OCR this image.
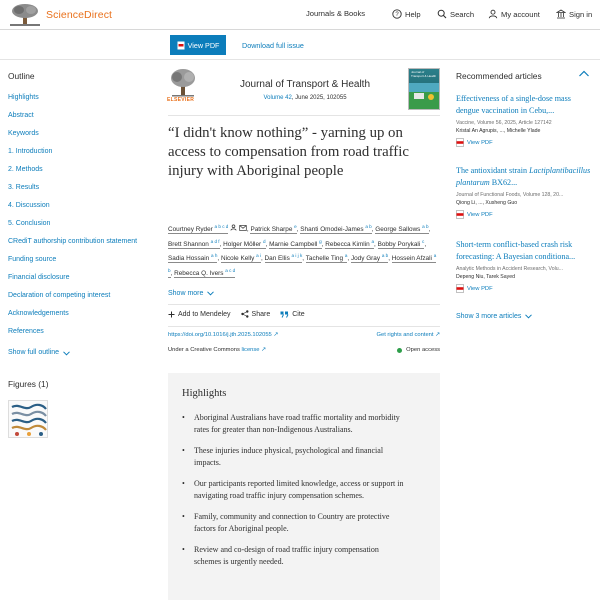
ScienceDirect	Journals & Books	? Help	Search	My account	Sign in
View PDF	Download full issue
Outline
Highlights
Abstract
Keywords
1. Introduction
2. Methods
3. Results
4. Discussion
5. Conclusion
CRediT authorship contribution statement
Funding source
Financial disclosure
Declaration of competing interest
Acknowledgements
References
Show full outline
Figures (1)
ELSEVIER
Journal of Transport & Health
Volume 42, June 2025, 102055
Journal of Transport & Health
“I didn't know nothing” - yarning up on access to compensation from road traffic injury with Aboriginal people
Courtney Ryder $^{a b c d}$	, Patrick Sharpe $^e$, Shanti Omodei-James $^{a b}$, George Sallows $^{a b}$, Brett Shannon $^{a d f}$, Holger Möller $^d$, Marnie Campbell $^g$, Rebecca Kimlin $^a$, Bobby Porykali $^c$, Sadia Hossain $^{a h}$, Nicole Kelly $^{a i}$, Dan Ellis $^{a i j k}$, Tachelle Ting $^a$, Jody Gray $^{a b}$, Hossein Afzali $^{a b}$, Rebecca Q. Ivers $^{a c d}$
Show more
Add to Mendeley	Share	Cite
https://doi.org/10.1016/j.jth.2025.102055 ↗	Get rights and content ↗
Under a Creative Commons license ↗	Open access
Highlights
• Aboriginal Australians have road traffic mortality and morbidity rates for greater than non-Indigenous Australians.
• These injuries induce physical, psychological and financial impacts.
• Our participants reported limited knowledge, access or support in navigating road traffic injury compensation schemes.
• Family, community and connection to Country are protective factors for Aboriginal people.
• Review and co-design of road traffic injury compensation schemes is urgently needed.
Recommended articles
Effectiveness of a single-dose mass dengue vaccination in Cebu,...
Vaccine, Volume 56, 2025, Article 127142
Kristal An Agrupis, ..., Michelle Ylade
View PDF
The antioxidant strain Lactiplantibacillus plantarum BX62...
Journal of Functional Foods, Volume 128, 20...
Qiong Li, ..., Xusheng Guo
View PDF
Short-term conflict-based crash risk forecasting: A Bayesian conditiona...
Analytic Methods in Accident Research, Volu...
Depeng Niu, Tarek Sayed
View PDF
Show 3 more articles
